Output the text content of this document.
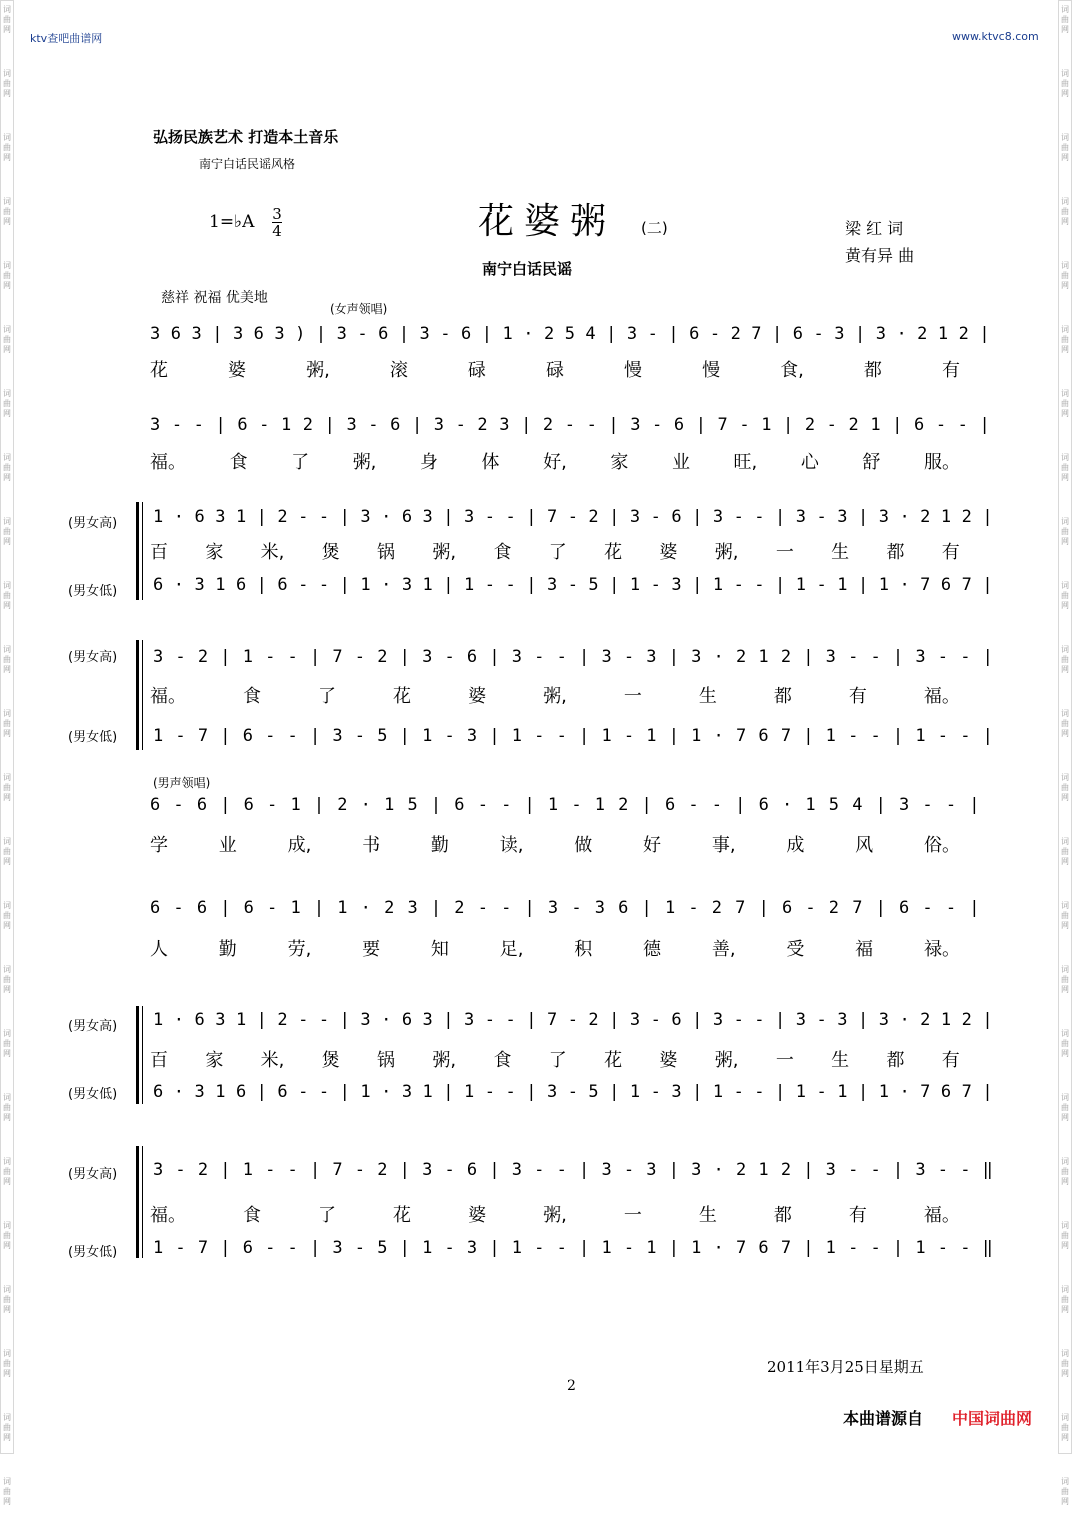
词
曲
网
词
曲
网
词
曲
网
词
曲
网
词
曲
网
词
曲
网
词
曲
网
词
曲
网
词
曲
网
词
曲
网
词
曲
网
词
曲
网
词
曲
网
词
曲
网
词
曲
网
词
曲
网
词
曲
网
词
曲
网
词
曲
网
词
曲
网
词
曲
网
词
曲
网
词
曲
网
词
曲
网
词
曲
网
词
曲
网
词
曲
网
词
曲
网
词
曲
网
词
曲
网
词
曲
网
词
曲
网
词
曲
网
词
曲
网
词
曲
网
词
曲
网
词
曲
网
词
曲
网
词
曲
网
词
曲
网
词
曲
网
词
曲
网
词
曲
网
词
曲
网
词
曲
网
词
曲
网
词
曲
网
词
曲
网
ktv查吧曲谱网	www.ktvc8.com
弘扬民族艺术 打造本土音乐
南宁白话民谣风格
1=♭A 3
4	花婆粥 (二)	梁 红 词
黄有异 曲
南宁白话民谣
慈祥 祝福 优美地
(女声领唱)
3 6 3 | 3 6 3 ) | 3 - 6 | 3 - 6 | 1 · 2 5 4 | 3 - | 6 - 2 7 | 6 - 3 | 3 · 2 1 2 |
花	婆	粥,	滚	碌	碌	慢	慢	食,	都	有
3 - - | 6 - 1 2 | 3 - 6 | 3 - 2 3 | 2 - - | 3 - 6 | 7 - 1 | 2 - 2 1 | 6 - - |
福。 食 了 粥, 身 体 好, 家 业 旺, 心 舒 服。
(男女高) 1 · 6 3 1 | 2 - - | 3 · 6 3 | 3 - - | 7 - 2 | 3 - 6 | 3 - - | 3 - 3 | 3 · 2 1 2 |
百 家 米, 煲 锅 粥, 食 了 花 婆 粥, 一 生 都 有
(男女低) 6 · 3 1 6 | 6 - - | 1 · 3 1 | 1 - - | 3 - 5 | 1 - 3 | 1 - - | 1 - 1 | 1 · 7 6 7 |
(男女高) 3 - 2 | 1 - - | 7 - 2 | 3 - 6 | 3 - - | 3 - 3 | 3 · 2 1 2 | 3 - - | 3 - - |
福。	食	了	花	婆	粥,	一	生	都	有	福。
(男女低) 1 - 7 | 6 - - | 3 - 5 | 1 - 3 | 1 - - | 1 - 1 | 1 · 7 6 7 | 1 - - | 1 - - |
(男声领唱)
6 - 6 | 6 - 1 | 2 · 1 5 | 6 - - | 1 - 1 2 | 6 - - | 6 · 1 5 4 | 3 - - |
学	业	成,	书	勤	读,	做	好	事,	成	风	俗。
6 - 6 | 6 - 1 | 1 · 2 3 | 2 - - | 3 - 3 6 | 1 - 2 7 | 6 - 2 7 | 6 - - |
人	勤	劳,	要	知	足,	积	德	善,	受	福	禄。
(男女高) 1 · 6 3 1 | 2 - - | 3 · 6 3 | 3 - - | 7 - 2 | 3 - 6 | 3 - - | 3 - 3 | 3 · 2 1 2 |
百 家 米, 煲 锅 粥, 食 了 花 婆 粥, 一 生 都 有
(男女低) 6 · 3 1 6 | 6 - - | 1 · 3 1 | 1 - - | 3 - 5 | 1 - 3 | 1 - - | 1 - 1 | 1 · 7 6 7 |
(男女高) 3 - 2 | 1 - - | 7 - 2 | 3 - 6 | 3 - - | 3 - 3 | 3 · 2 1 2 | 3 - - | 3 - - ‖
福。	食	了	花	婆	粥,	一	生	都	有	福。
(男女低) 1 - 7 | 6 - - | 3 - 5 | 1 - 3 | 1 - - | 1 - 1 | 1 · 7 6 7 | 1 - - | 1 - - ‖
2011年3月25日星期五
2
本曲谱源自 中国词曲网
